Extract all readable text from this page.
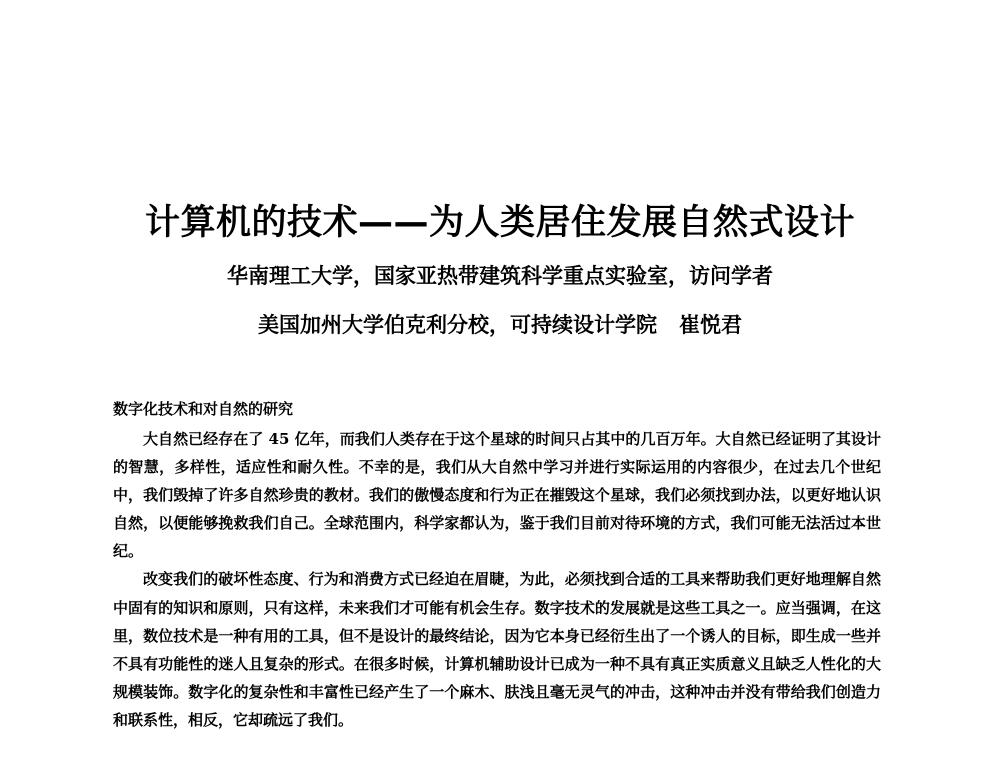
计算机的技术——为人类居住发展自然式设计
华南理工大学，国家亚热带建筑科学重点实验室，访问学者
美国加州大学伯克利分校，可持续设计学院 崔悦君
数字化技术和对自然的研究

大自然已经存在了 45 亿年，而我们人类存在于这个星球的时间只占其中的几百万年。大自然已经证明了其设计的智慧，多样性，适应性和耐久性。不幸的是，我们从大自然中学习并进行实际运用的内容很少，在过去几个世纪中，我们毁掉了许多自然珍贵的教材。我们的傲慢态度和行为正在摧毁这个星球，我们必须找到办法，以更好地认识自然，以便能够挽救我们自己。全球范围内，科学家都认为，鉴于我们目前对待环境的方式，我们可能无法活过本世纪。

改变我们的破坏性态度、行为和消费方式已经迫在眉睫，为此，必须找到合适的工具来帮助我们更好地理解自然中固有的知识和原则，只有这样，未来我们才可能有机会生存。数字技术的发展就是这些工具之一。应当强调，在这里，数位技术是一种有用的工具，但不是设计的最终结论，因为它本身已经衍生出了一个诱人的目标，即生成一些并不具有功能性的迷人且复杂的形式。在很多时候，计算机辅助设计已成为一种不具有真正实质意义且缺乏人性化的大规模装饰。数字化的复杂性和丰富性已经产生了一个麻木、肤浅且毫无灵气的冲击，这种冲击并没有带给我们创造力和联系性，相反，它却疏远了我们。
